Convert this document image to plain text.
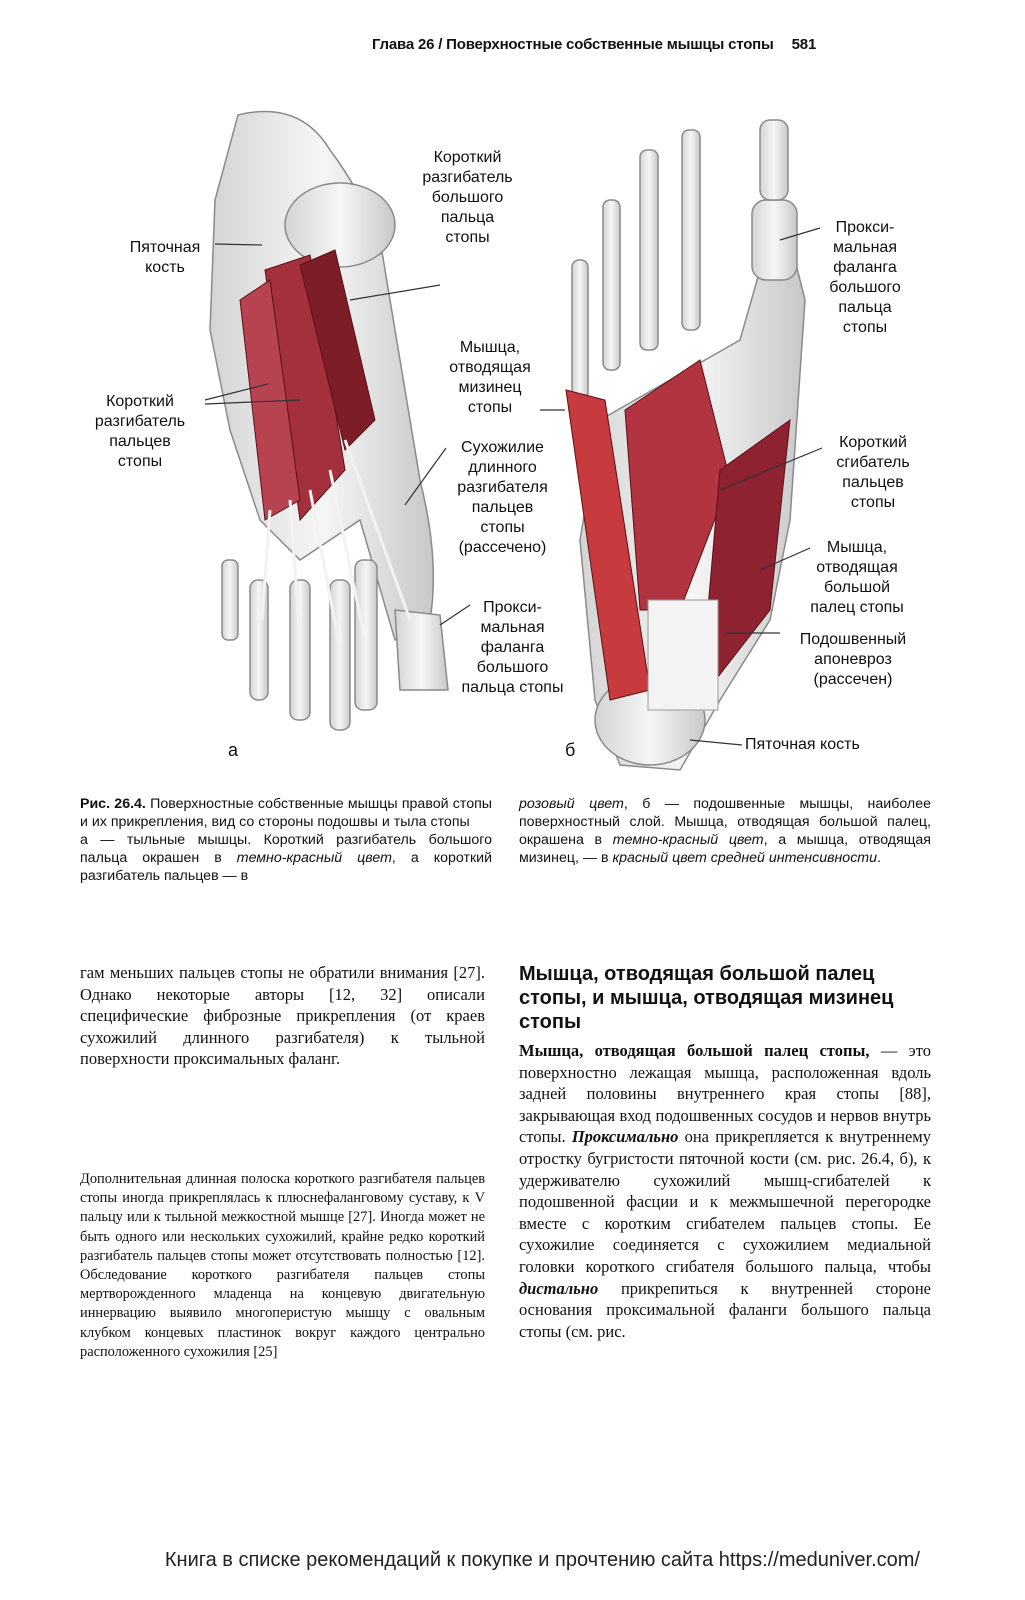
Глава 26 / Поверхностные собственные мышцы стопы 581
Короткий
разгибатель
большого
пальца
стопы
Пяточная
кость
Мышца,
отводящая
мизинец
стопы
Короткий
разгибатель
пальцев
стопы
Сухожилие
длинного
разгибателя
пальцев
стопы
(рассечено)
Прокси-
мальная
фаланга
большого
пальца стопы
а
Прокси-
мальная
фаланга
большого
пальца
стопы
Короткий
сгибатель
пальцев
стопы
Мышца,
отводящая
большой
палец стопы
Подошвенный
апоневроз
(рассечен)
Пяточная кость
б
Рис. 26.4. Поверхностные собственные мышцы правой стопы и их прикрепления, вид со стороны подошвы и тыла стопы
а — тыльные мышцы. Короткий разгибатель большого пальца окрашен в темно-красный цвет, а короткий разгибатель пальцев — в
розовый цвет, б — подошвенные мышцы, наиболее поверхностный слой. Мышца, отводящая большой палец, окрашена в темно-красный цвет, а мышца, отводящая мизинец, — в красный цвет средней интенсивности.
гам меньших пальцев стопы не обратили внимания [27]. Однако некоторые авторы [12, 32] описали специфические фиброзные прикрепления (от краев сухожилий длинного разгибателя) к тыльной поверхности проксимальных фаланг.
Дополнительная длинная полоска короткого разгибателя пальцев стопы иногда прикреплялась к плюснефаланговому суставу, к V пальцу или к тыльной межкостной мышце [27]. Иногда может не быть одного или нескольких сухожилий, крайне редко короткий разгибатель пальцев стопы может отсутствовать полностью [12]. Обследование короткого разгибателя пальцев стопы мертворожденного младенца на концевую двигательную иннервацию выявило многоперистую мышцу с овальным клубком концевых пластинок вокруг каждого центрально расположенного сухожилия [25]
Мышца, отводящая большой палец стопы, и мышца, отводящая мизинец стопы
Мышца, отводящая большой палец стопы, — это поверхностно лежащая мышца, расположенная вдоль задней половины внутреннего края стопы [88], закрывающая вход подошвенных сосудов и нервов внутрь стопы. Проксимально она прикрепляется к внутреннему отростку бугристости пяточной кости (см. рис. 26.4, б), к удерживателю сухожилий мышц-сгибателей к подошвенной фасции и к межмышечной перегородке вместе с коротким сгибателем пальцев стопы. Ее сухожилие соединяется с сухожилием медиальной головки короткого сгибателя большого пальца, чтобы дистально прикрепиться к внутренней стороне основания проксимальной фаланги большого пальца стопы (см. рис.
Книга в списке рекомендаций к покупке и прочтению сайта https://meduniver.com/
